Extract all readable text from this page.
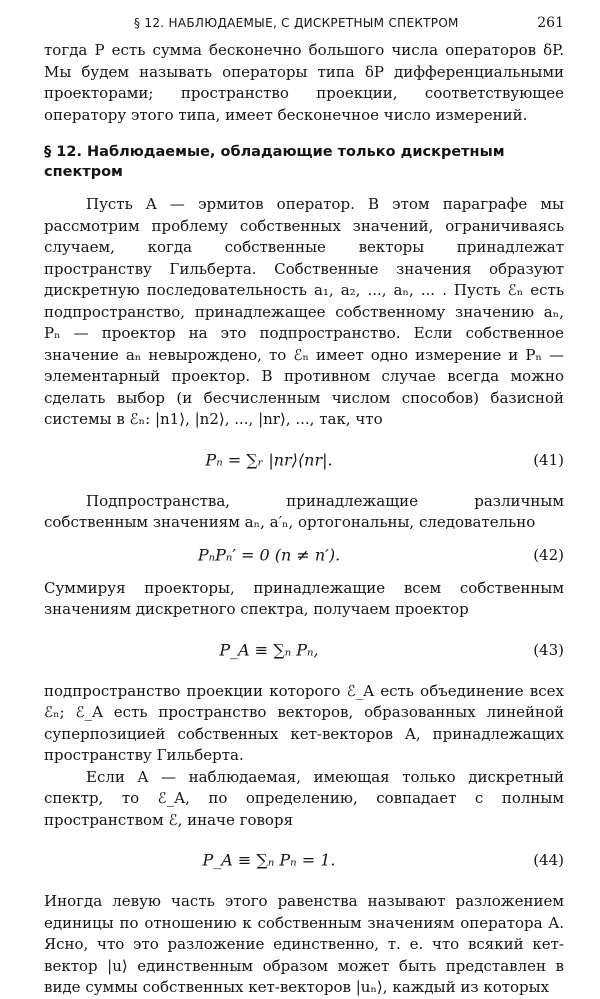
§ 12. НАБЛЮДАЕМЫЕ, С ДИСКРЕТНЫМ СПЕКТРОМ	261

тогда P есть сумма бесконечно большого числа операторов δP. Мы будем называть операторы типа δP дифференциальными проекторами; пространство проекции, соответствующее оператору этого типа, имеет бесконечное число измерений.

§ 12. Наблюдаемые, обладающие только дискретным спектром

Пусть A — эрмитов оператор. В этом параграфе мы рассмотрим проблему собственных значений, ограничиваясь случаем, когда собственные векторы принадлежат пространству Гильберта. Собственные значения образуют дискретную последовательность a₁, a₂, ..., aₙ, ... . Пусть ℰₙ есть подпространство, принадлежащее собственному значению aₙ, Pₙ — проектор на это подпространство. Если собственное значение aₙ невырождено, то ℰₙ имеет одно измерение и Pₙ — элементарный проектор. В противном случае всегда можно сделать выбор (и бесчисленным числом способов) базисной системы в ℰₙ: |n1⟩, |n2⟩, ..., |nr⟩, ..., так, что

Pₙ = ∑ᵣ |nr⟩⟨nr|.	(41)

Подпространства, принадлежащие различным собственным значениям aₙ, a′ₙ, ортогональны, следовательно

PₙPₙ′ = 0 (n ≠ n′).	(42)

Суммируя проекторы, принадлежащие всем собственным значениям дискретного спектра, получаем проектор

P_A ≡ ∑ₙ Pₙ,	(43)

подпространство проекции которого ℰ_A есть объединение всех ℰₙ; ℰ_A есть пространство векторов, образованных линейной суперпозицией собственных кет-векторов A, принадлежащих пространству Гильберта.

Если A — наблюдаемая, имеющая только дискретный спектр, то ℰ_A, по определению, совпадает с полным пространством ℰ, иначе говоря

P_A ≡ ∑ₙ Pₙ = 1.	(44)

Иногда левую часть этого равенства называют разложением единицы по отношению к собственным значениям оператора A. Ясно, что это разложение единственно, т. е. что всякий кет-вектор |u⟩ единственным образом может быть представлен в виде суммы собственных кет-векторов |uₙ⟩, каждый из которых
